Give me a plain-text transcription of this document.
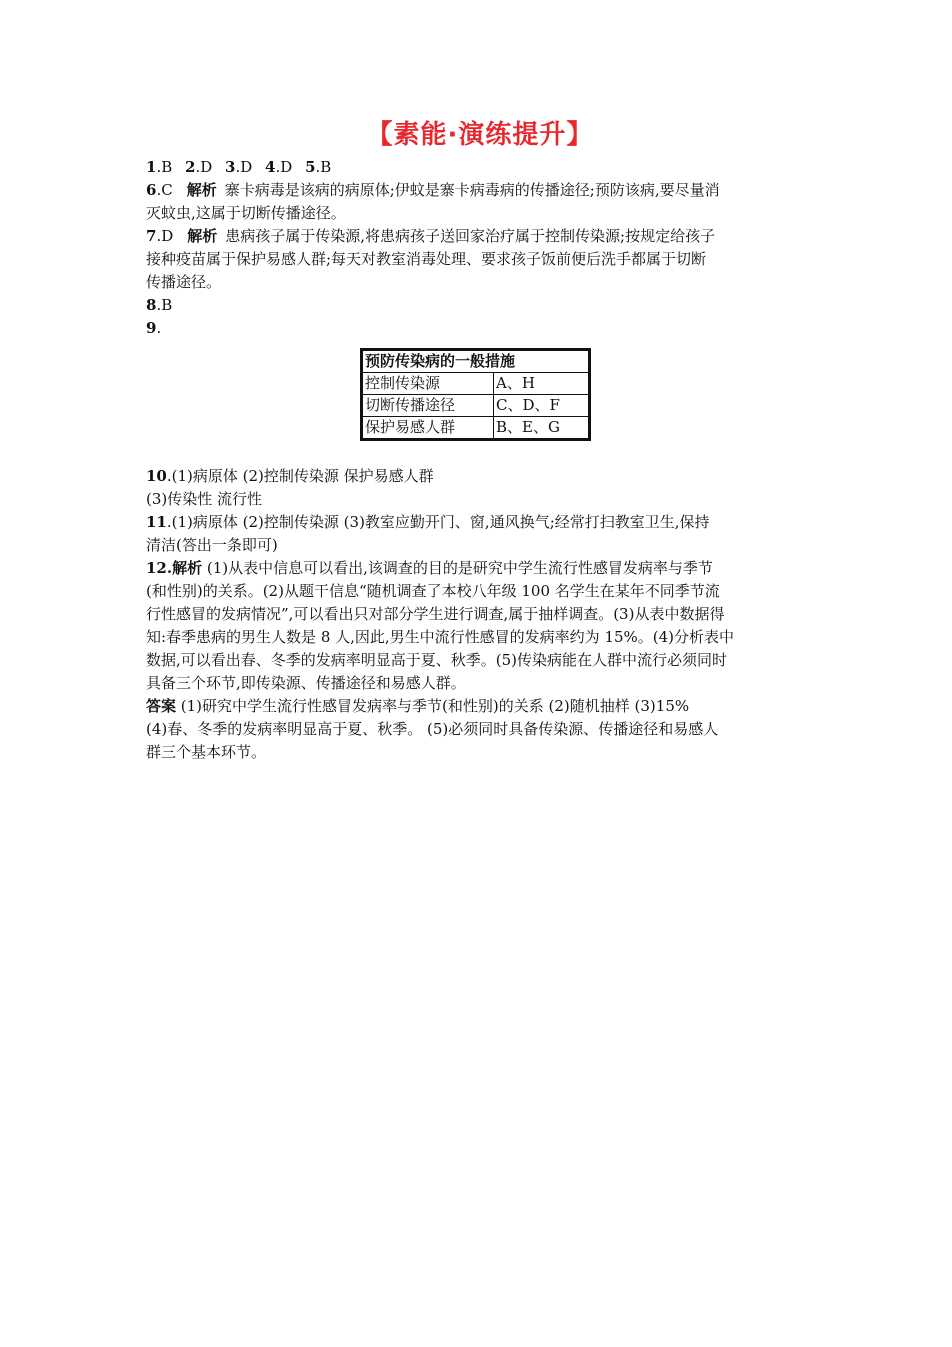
【素能·演练提升】

1.B 2.D 3.D 4.D 5.B

6.C 解析 寨卡病毒是该病的病原体;伊蚊是寨卡病毒病的传播途径;预防该病,要尽量消

灭蚊虫,这属于切断传播途径。

7.D 解析 患病孩子属于传染源,将患病孩子送回家治疗属于控制传染源;按规定给孩子

接种疫苗属于保护易感人群;每天对教室消毒处理、要求孩子饭前便后洗手都属于切断

传播途径。

8.B

9.

预防传染病的一般措施	
控制传染源	A、H
切断传播途径	C、D、F
保护易感人群	B、E、G

10.(1)病原体 (2)控制传染源 保护易感人群

(3)传染性 流行性

11.(1)病原体 (2)控制传染源 (3)教室应勤开门、窗,通风换气;经常打扫教室卫生,保持

清洁(答出一条即可)

12.解析 (1)从表中信息可以看出,该调查的目的是研究中学生流行性感冒发病率与季节

(和性别)的关系。(2)从题干信息“随机调查了本校八年级 100 名学生在某年不同季节流

行性感冒的发病情况”,可以看出只对部分学生进行调查,属于抽样调查。(3)从表中数据得

知:春季患病的男生人数是 8 人,因此,男生中流行性感冒的发病率约为 15%。(4)分析表中

数据,可以看出春、冬季的发病率明显高于夏、秋季。(5)传染病能在人群中流行必须同时

具备三个环节,即传染源、传播途径和易感人群。

答案 (1)研究中学生流行性感冒发病率与季节(和性别)的关系 (2)随机抽样 (3)15%

(4)春、冬季的发病率明显高于夏、秋季。 (5)必须同时具备传染源、传播途径和易感人

群三个基本环节。
